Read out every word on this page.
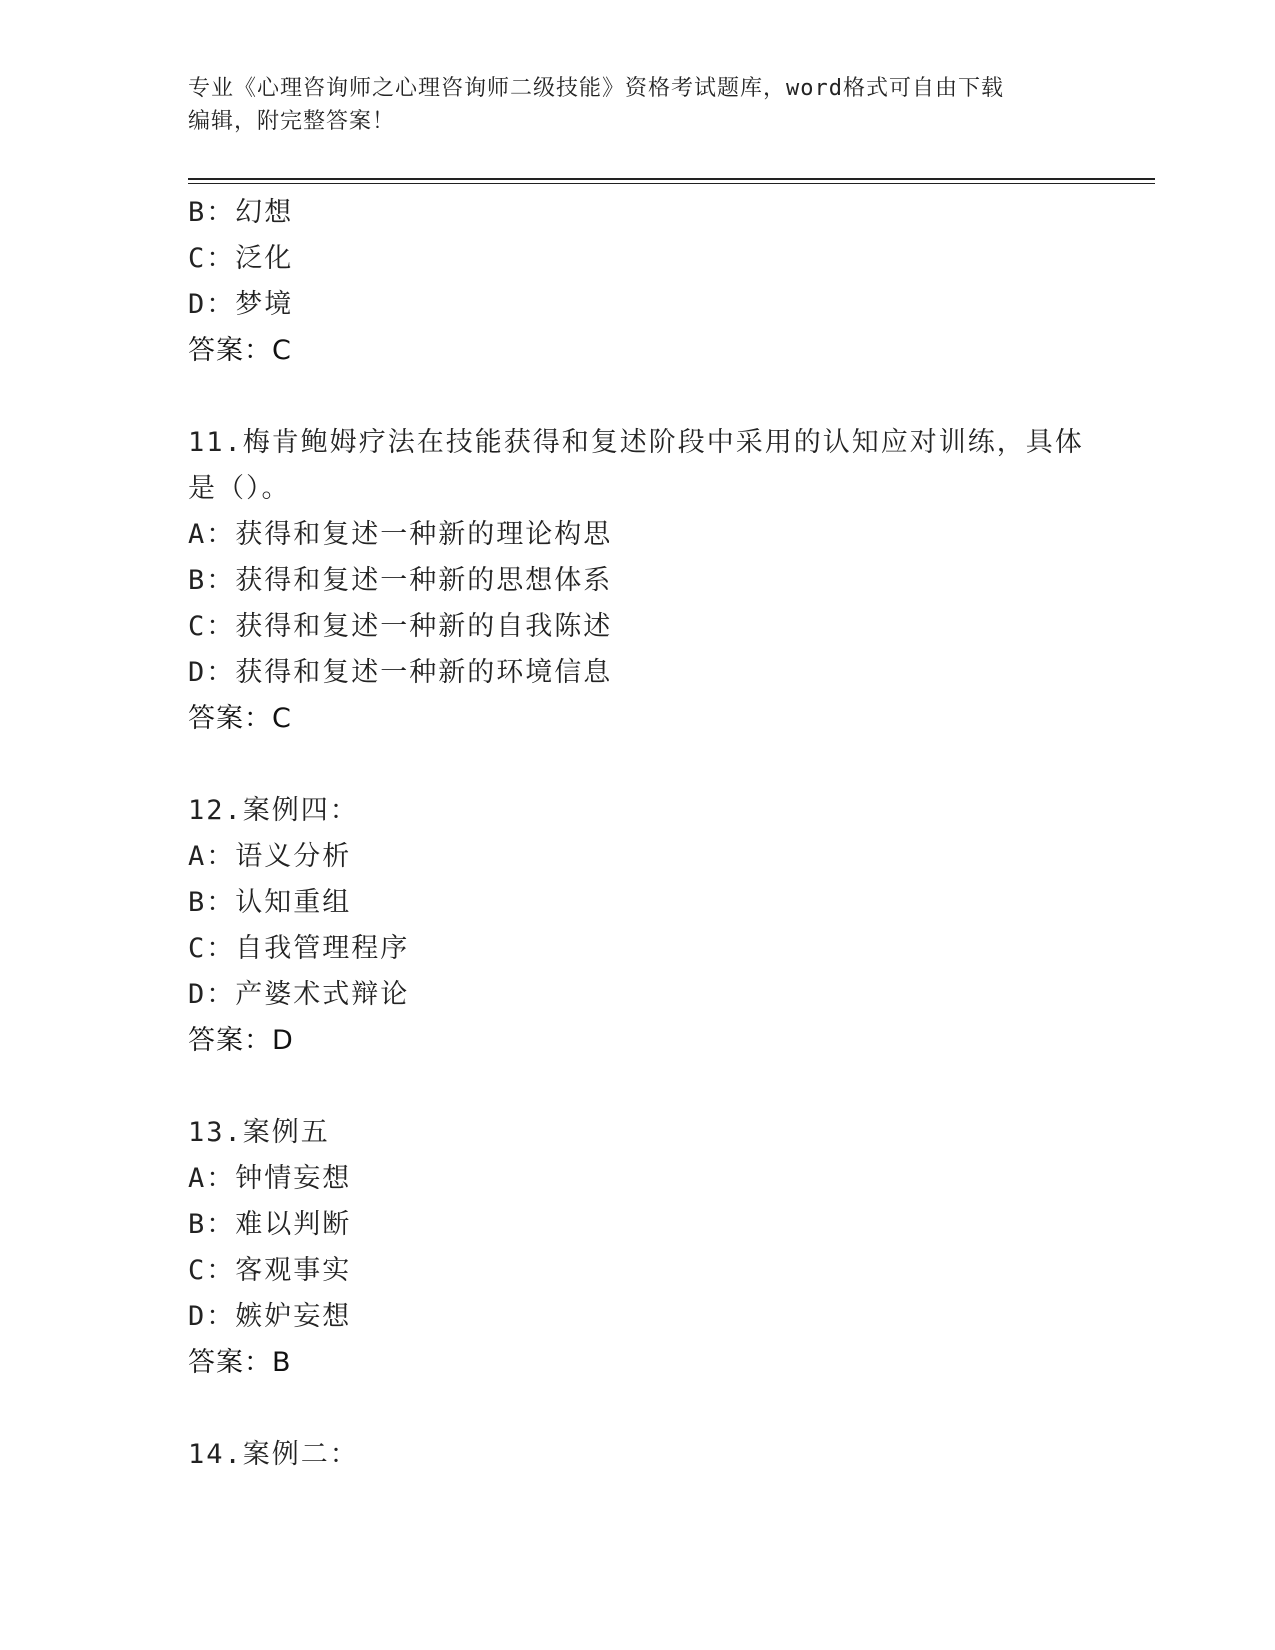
专业《心理咨询师之心理咨询师二级技能》资格考试题库，word格式可自由下载
编辑，附完整答案！
B：幻想
C：泛化
D：梦境
答案：C
11.梅肯鲍姆疗法在技能获得和复述阶段中采用的认知应对训练，具体
是（）。
A：获得和复述一种新的理论构思
B：获得和复述一种新的思想体系
C：获得和复述一种新的自我陈述
D：获得和复述一种新的环境信息
答案：C
12.案例四：
A：语义分析
B：认知重组
C：自我管理程序
D：产婆术式辩论
答案：D
13.案例五
A：钟情妄想
B：难以判断
C：客观事实
D：嫉妒妄想
答案：B
14.案例二：
